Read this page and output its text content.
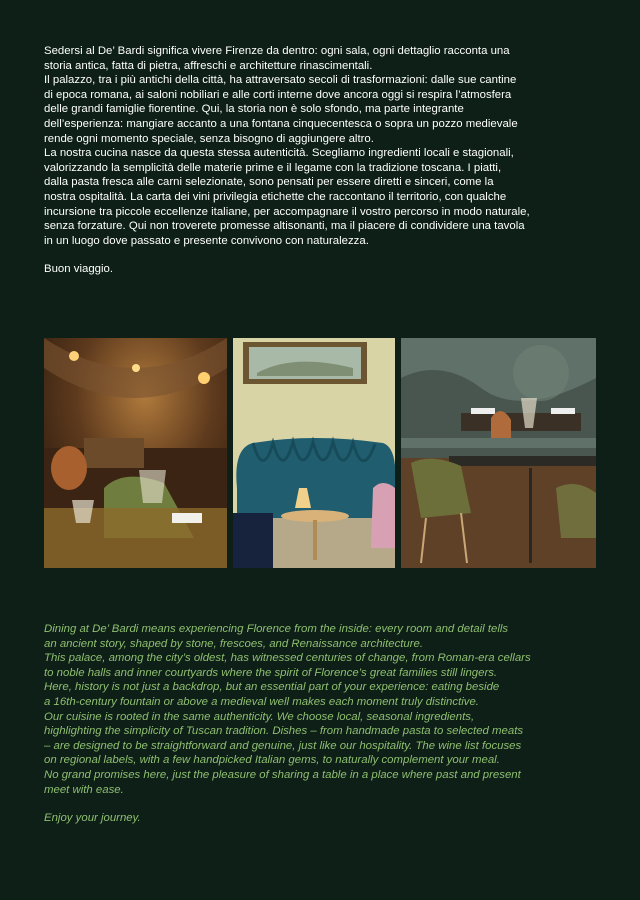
Sedersi al De’ Bardi significa vivere Firenze da dentro: ogni sala, ogni dettaglio racconta una
storia antica, fatta di pietra, affreschi e architetture rinascimentali.
Il palazzo, tra i più antichi della città, ha attraversato secoli di trasformazioni: dalle sue cantine
di epoca romana, ai saloni nobiliari e alle corti interne dove ancora oggi si respira l’atmosfera
delle grandi famiglie fiorentine. Qui, la storia non è solo sfondo, ma parte integrante
dell’esperienza: mangiare accanto a una fontana cinquecentesca o sopra un pozzo medievale
rende ogni momento speciale, senza bisogno di aggiungere altro.
La nostra cucina nasce da questa stessa autenticità. Scegliamo ingredienti locali e stagionali,
valorizzando la semplicità delle materie prime e il legame con la tradizione toscana. I piatti,
dalla pasta fresca alle carni selezionate, sono pensati per essere diretti e sinceri, come la
nostra ospitalità. La carta dei vini privilegia etichette che raccontano il territorio, con qualche
incursione tra piccole eccellenze italiane, per accompagnare il vostro percorso in modo naturale,
senza forzature. Qui non troverete promesse altisonanti, ma il piacere di condividere una tavola
in un luogo dove passato e presente convivono con naturalezza.

Buon viaggio.

Dining at De’ Bardi means experiencing Florence from the inside: every room and detail tells
an ancient story, shaped by stone, frescoes, and Renaissance architecture.
This palace, among the city’s oldest, has witnessed centuries of change, from Roman-era cellars
to noble halls and inner courtyards where the spirit of Florence’s great families still lingers.
Here, history is not just a backdrop, but an essential part of your experience: eating beside
a 16th-century fountain or above a medieval well makes each moment truly distinctive.
Our cuisine is rooted in the same authenticity. We choose local, seasonal ingredients,
highlighting the simplicity of Tuscan tradition. Dishes – from handmade pasta to selected meats
– are designed to be straightforward and genuine, just like our hospitality. The wine list focuses
on regional labels, with a few handpicked Italian gems, to naturally complement your meal.
No grand promises here, just the pleasure of sharing a table in a place where past and present
meet with ease.

Enjoy your journey.
